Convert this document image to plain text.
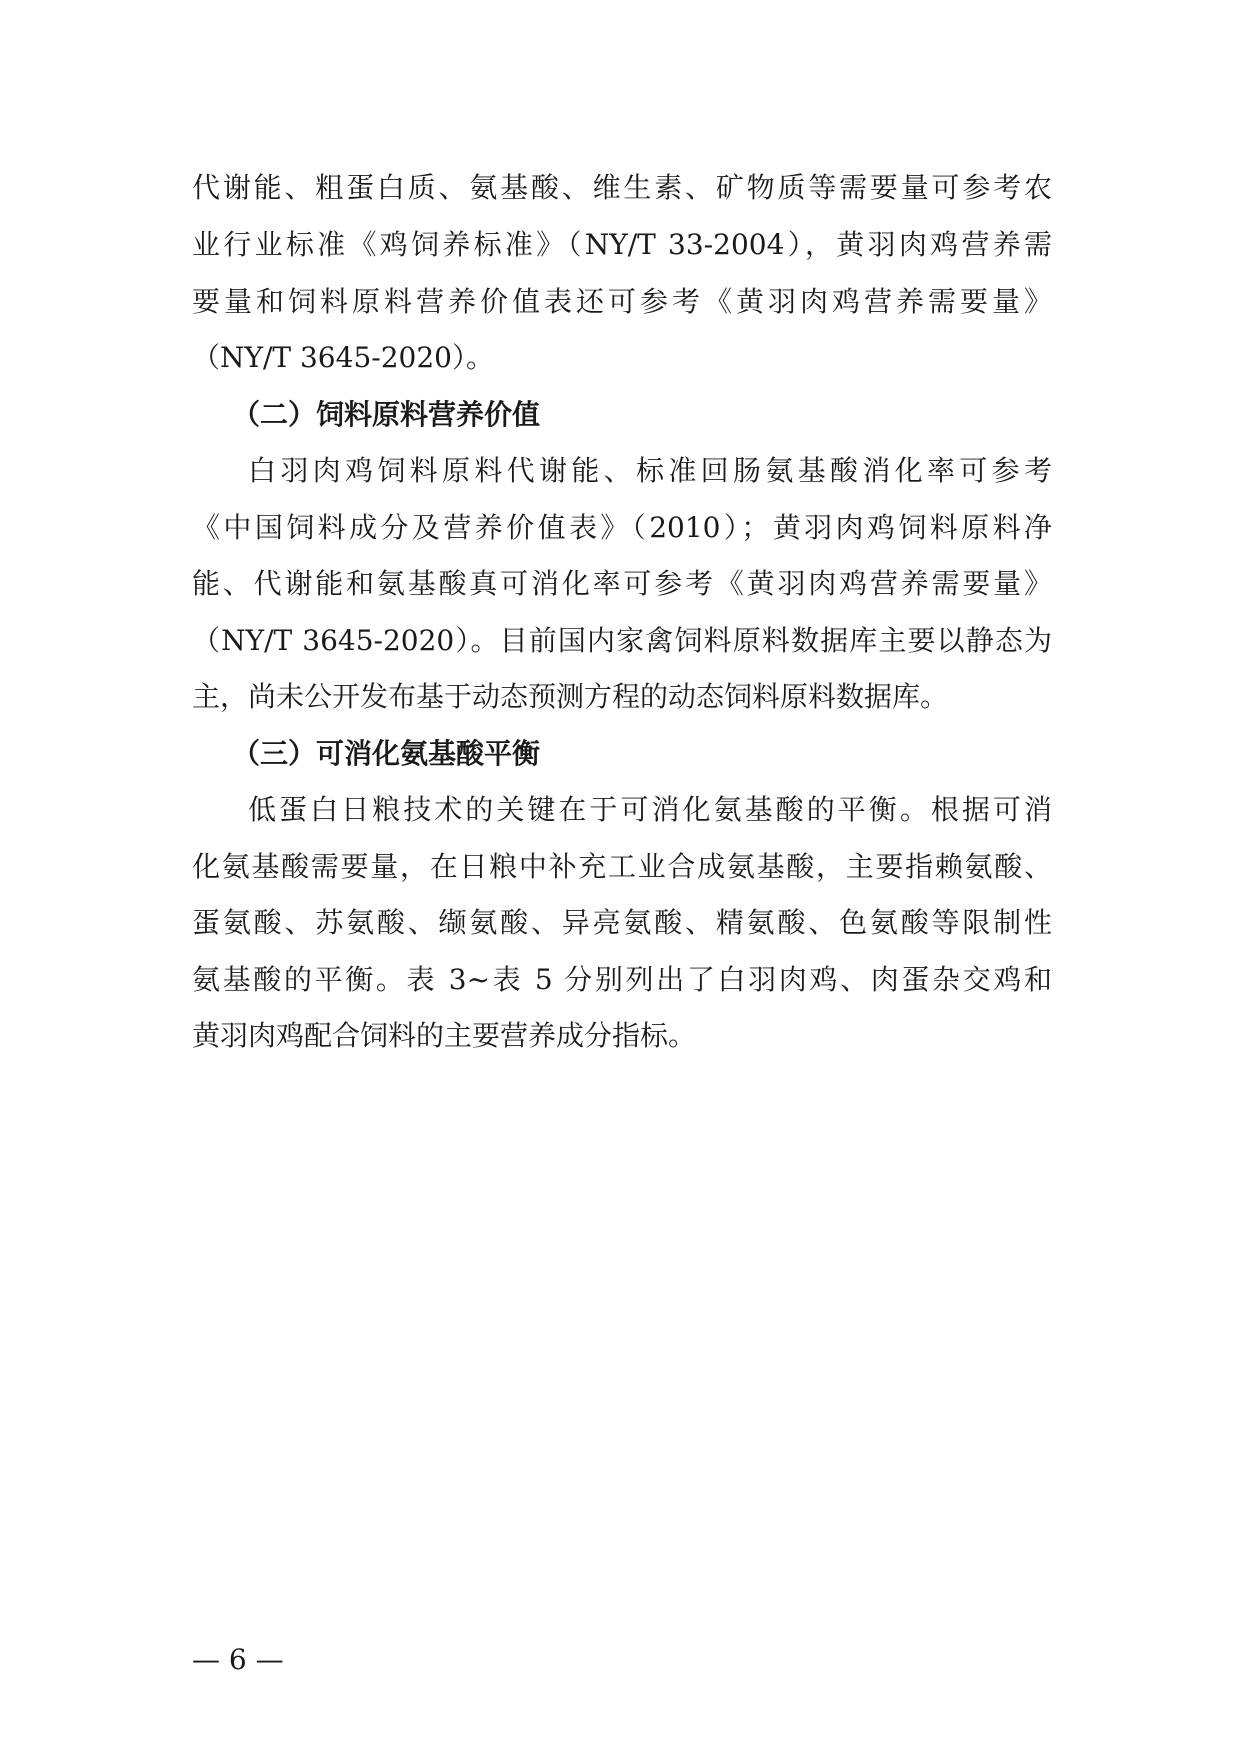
代谢能、粗蛋白质、氨基酸、维生素、矿物质等需要量可参考农
业行业标准《鸡饲养标准》（NY/T 33-2004），黄羽肉鸡营养需
要量和饲料原料营养价值表还可参考《黄羽肉鸡营养需要量》
（NY/T 3645-2020）。
（二）饲料原料营养价值
白羽肉鸡饲料原料代谢能、标准回肠氨基酸消化率可参考
《中国饲料成分及营养价值表》（2010）；黄羽肉鸡饲料原料净
能、代谢能和氨基酸真可消化率可参考《黄羽肉鸡营养需要量》
（NY/T 3645-2020）。目前国内家禽饲料原料数据库主要以静态为
主，尚未公开发布基于动态预测方程的动态饲料原料数据库。
（三）可消化氨基酸平衡
低蛋白日粮技术的关键在于可消化氨基酸的平衡。根据可消
化氨基酸需要量，在日粮中补充工业合成氨基酸，主要指赖氨酸、
蛋氨酸、苏氨酸、缬氨酸、异亮氨酸、精氨酸、色氨酸等限制性
氨基酸的平衡。表 3~表 5 分别列出了白羽肉鸡、肉蛋杂交鸡和
黄羽肉鸡配合饲料的主要营养成分指标。
— 6 —
